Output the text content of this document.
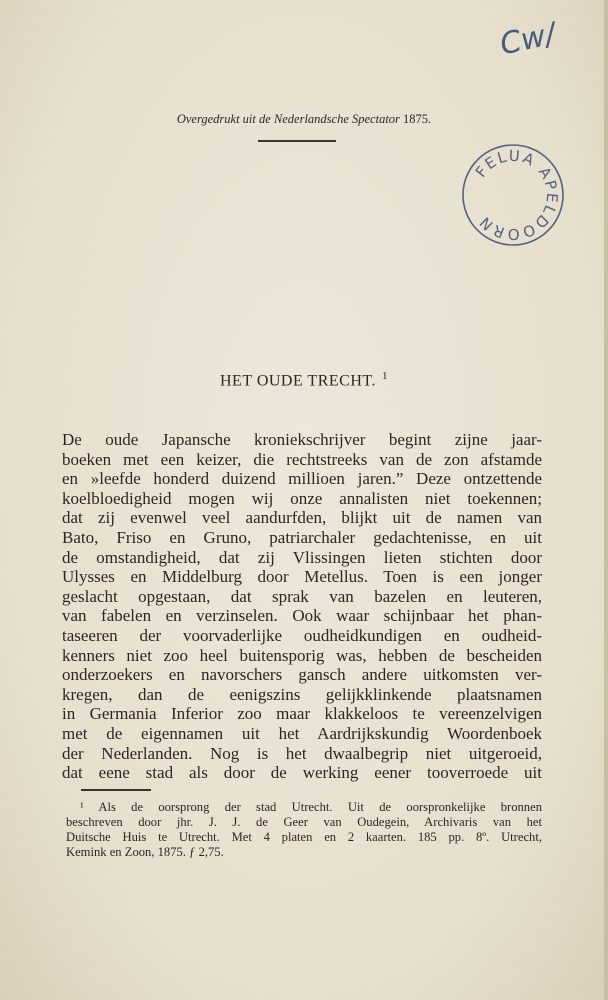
Cw/
FELUA APELDOORN
Overgedrukt uit de Nederlandsche Spectator 1875.
HET OUDE TRECHT. $^1$
De oude Japansche kroniekschrijver begint zijne jaar-
boeken met een keizer, die rechtstreeks van de zon afstamde
en »leefde honderd duizend millioen jaren.” Deze ontzettende
koelbloedigheid mogen wij onze annalisten niet toekennen;
dat zij evenwel veel aandurfden, blijkt uit de namen van
Bato, Friso en Gruno, patriarchaler gedachtenisse, en uit
de omstandigheid, dat zij Vlissingen lieten stichten door
Ulysses en Middelburg door Metellus. Toen is een jonger
geslacht opgestaan, dat sprak van bazelen en leuteren,
van fabelen en verzinselen. Ook waar schijnbaar het phan-
taseeren der voorvaderlijke oudheidkundigen en oudheid-
kenners niet zoo heel buitensporig was, hebben de bescheiden
onderzoekers en navorschers gansch andere uitkomsten ver-
kregen, dan de eenigszins gelijkklinkende plaatsnamen
in Germania Inferior zoo maar klakkeloos te vereenzelvigen
met de eigennamen uit het Aardrijkskundig Woordenboek
der Nederlanden. Nog is het dwaalbegrip niet uitgeroeid,
dat eene stad als door de werking eener tooverroede uit
¹ Als de oorsprong der stad Utrecht. Uit de oorspronkelijke bronnen
beschreven door jhr. J. J. de Geer van Oudegein, Archivaris van het
Duitsche Huis te Utrecht. Met 4 platen en 2 kaarten. 185 pp. 8º. Utrecht,
Kemink en Zoon, 1875. ƒ 2,75.
